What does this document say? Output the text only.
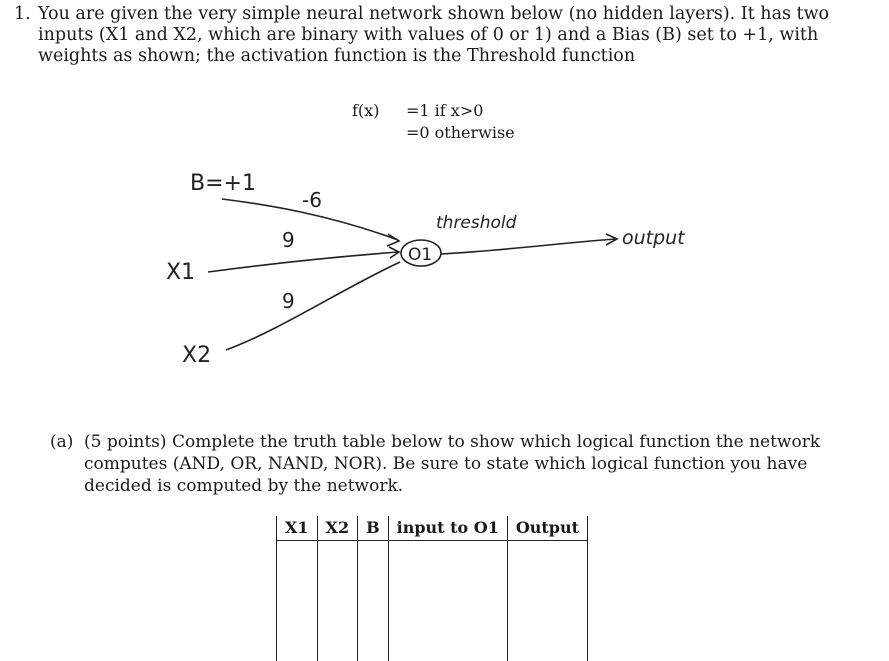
1. You are given the very simple neural network shown below (no hidden layers). It has two inputs (X1 and X2, which are binary with values of 0 or 1) and a Bias (B) set to +1, with weights as shown; the activation function is the Threshold function
f(x)	=1 if x>0
=0 otherwise
B=+1
X1
X2
-6
9
9
O1
threshold
output
(a) (5 points) Complete the truth table below to show which logical function the network computes (AND, OR, NAND, NOR). Be sure to state which logical function you have decided is computed by the network.
X1	X2	B	input to O1	Output
